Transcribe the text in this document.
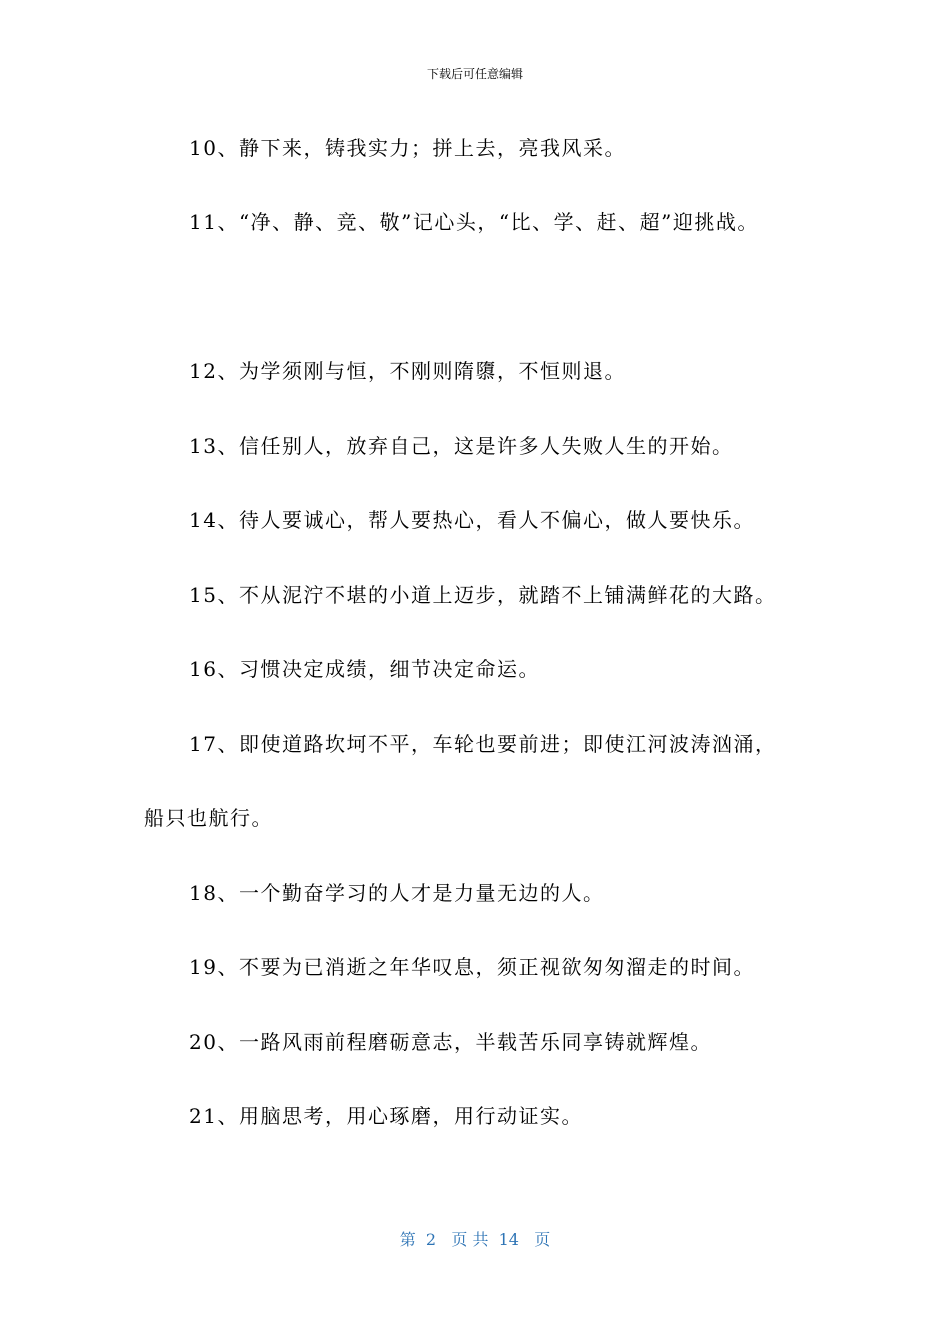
下载后可任意编辑
10、静下来，铸我实力；拼上去，亮我风采。
11、“净、静、竞、敬”记心头，“比、学、赶、超”迎挑战。
12、为学须刚与恒，不刚则隋隳，不恒则退。
13、信任别人，放弃自己，这是许多人失败人生的开始。
14、待人要诚心，帮人要热心，看人不偏心，做人要快乐。
15、不从泥泞不堪的小道上迈步，就踏不上铺满鲜花的大路。
16、习惯决定成绩，细节决定命运。
17、即使道路坎坷不平，车轮也要前进；即使江河波涛汹涌，
船只也航行。
18、一个勤奋学习的人才是力量无边的人。
19、不要为已消逝之年华叹息，须正视欲匆匆溜走的时间。
20、一路风雨前程磨砺意志，半载苦乐同享铸就辉煌。
21、用脑思考，用心琢磨，用行动证实。
第  2   页 共  14   页
